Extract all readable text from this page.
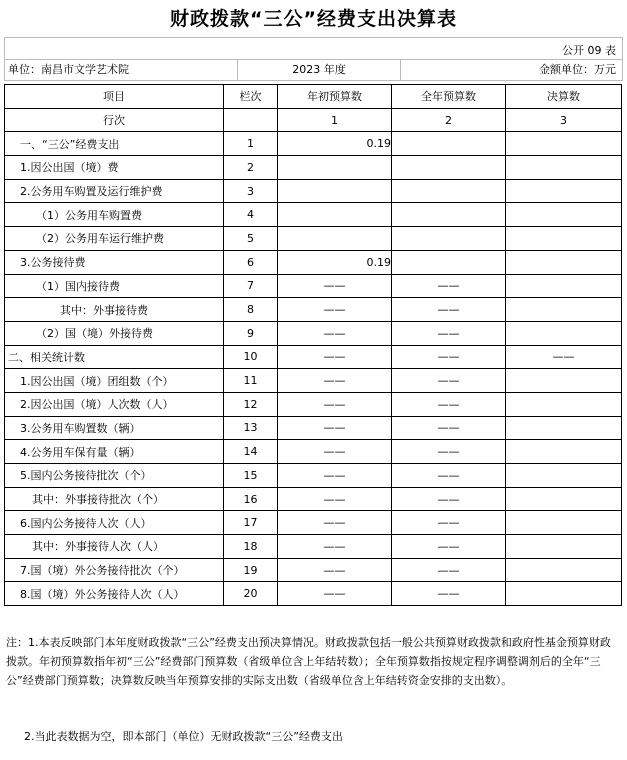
财政拨款“三公”经费支出决算表
公开 09 表
单位：南昌市文学艺术院	2023 年度	金额单位：万元
项目	栏次	年初预算数	全年预算数	决算数
行次		1	2	3
一、“三公”经费支出	1	0.19		
1.因公出国（境）费	2			
2.公务用车购置及运行维护费	3			
（1）公务用车购置费	4			
（2）公务用车运行维护费	5			
3.公务接待费	6	0.19		
（1）国内接待费	7	——	——	
其中：外事接待费	8	——	——	
（2）国（境）外接待费	9	——	——	
二、相关统计数	10	——	——	——
1.因公出国（境）团组数（个）	11	——	——	
2.因公出国（境）人次数（人）	12	——	——	
3.公务用车购置数（辆）	13	——	——	
4.公务用车保有量（辆）	14	——	——	
5.国内公务接待批次（个）	15	——	——	
其中：外事接待批次（个）	16	——	——	
6.国内公务接待人次（人）	17	——	——	
其中：外事接待人次（人）	18	——	——	
7.国（境）外公务接待批次（个）	19	——	——	
8.国（境）外公务接待人次（人）	20	——	——	
注：1.本表反映部门本年度财政拨款“三公”经费支出预决算情况。财政拨款包括一般公共预算财政拨款和政府性基金预算财政拨款。年初预算数指年初“三公”经费部门预算数（省级单位含上年结转数）；全年预算数指按规定程序调整调剂后的全年“三公”经费部门预算数；决算数反映当年预算安排的实际支出数（省级单位含上年结转资金安排的支出数）。
2.当此表数据为空，即本部门（单位）无财政拨款“三公”经费支出
